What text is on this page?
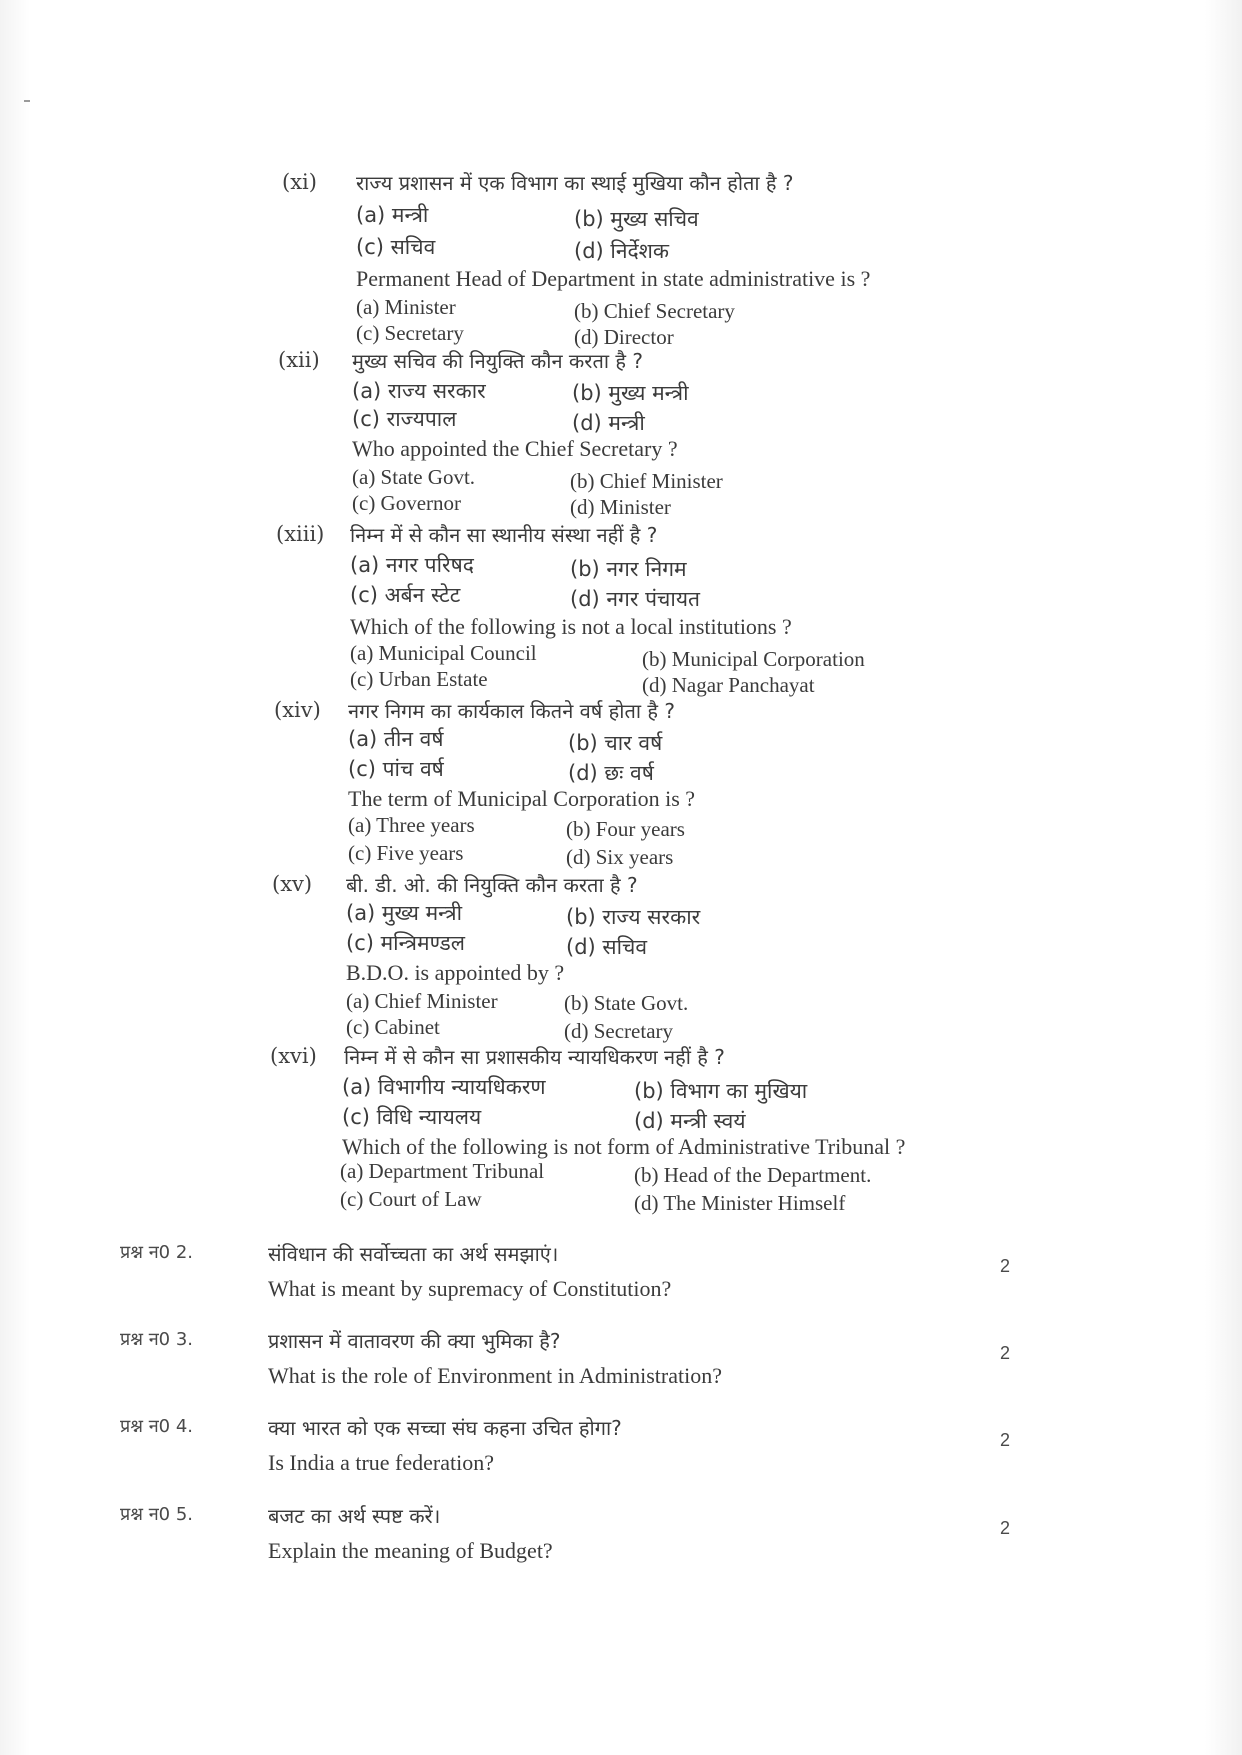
(xi) राज्य प्रशासन में एक विभाग का स्थाई मुखिया कौन होता है ?
(a) मन्त्री	(b) मुख्य सचिव
(c) सचिव	(d) निर्देशक
Permanent Head of Department in state administrative is ?
(a) Minister	(b) Chief Secretary
(c) Secretary	(d) Director
(xii) मुख्य सचिव की नियुक्ति कौन करता है ?
(a) राज्य सरकार	(b) मुख्य मन्त्री
(c) राज्यपाल	(d) मन्त्री
Who appointed the Chief Secretary ?
(a) State Govt.	(b) Chief Minister
(c) Governor	(d) Minister
(xiii) निम्न में से कौन सा स्थानीय संस्था नहीं है ?
(a) नगर परिषद	(b) नगर निगम
(c) अर्बन स्टेट	(d) नगर पंचायत
Which of the following is not a local institutions ?
(a) Municipal Council	(b) Municipal Corporation
(c) Urban Estate	(d) Nagar Panchayat
(xiv) नगर निगम का कार्यकाल कितने वर्ष होता है ?
(a) तीन वर्ष	(b) चार वर्ष
(c) पांच वर्ष	(d) छः वर्ष
The term of Municipal Corporation is ?
(a) Three years	(b) Four years
(c) Five years	(d) Six years
(xv) बी. डी. ओ. की नियुक्ति कौन करता है ?
(a) मुख्य मन्त्री	(b) राज्य सरकार
(c) मन्त्रिमण्डल	(d) सचिव
B.D.O. is appointed by ?
(a) Chief Minister	(b) State Govt.
(c) Cabinet	(d) Secretary
(xvi) निम्न में से कौन सा प्रशासकीय न्यायधिकरण नहीं है ?
(a) विभागीय न्यायधिकरण	(b) विभाग का मुखिया
(c) विधि न्यायलय	(d) मन्त्री स्वयं
Which of the following is not form of Administrative Tribunal ?
(a) Department Tribunal	(b) Head of the Department.
(c) Court of Law	(d) The Minister Himself
प्रश्न न0 2.	संविधान की सर्वोच्चता का अर्थ समझाएं।
What is meant by supremacy of Constitution?
2
प्रश्न न0 3.	प्रशासन में वातावरण की क्या भुमिका है?
What is the role of Environment in Administration?
2
प्रश्न न0 4.	क्या भारत को एक सच्चा संघ कहना उचित होगा?
Is India a true federation?
2
प्रश्न न0 5.	बजट का अर्थ स्पष्ट करें।
Explain the meaning of Budget?
2
